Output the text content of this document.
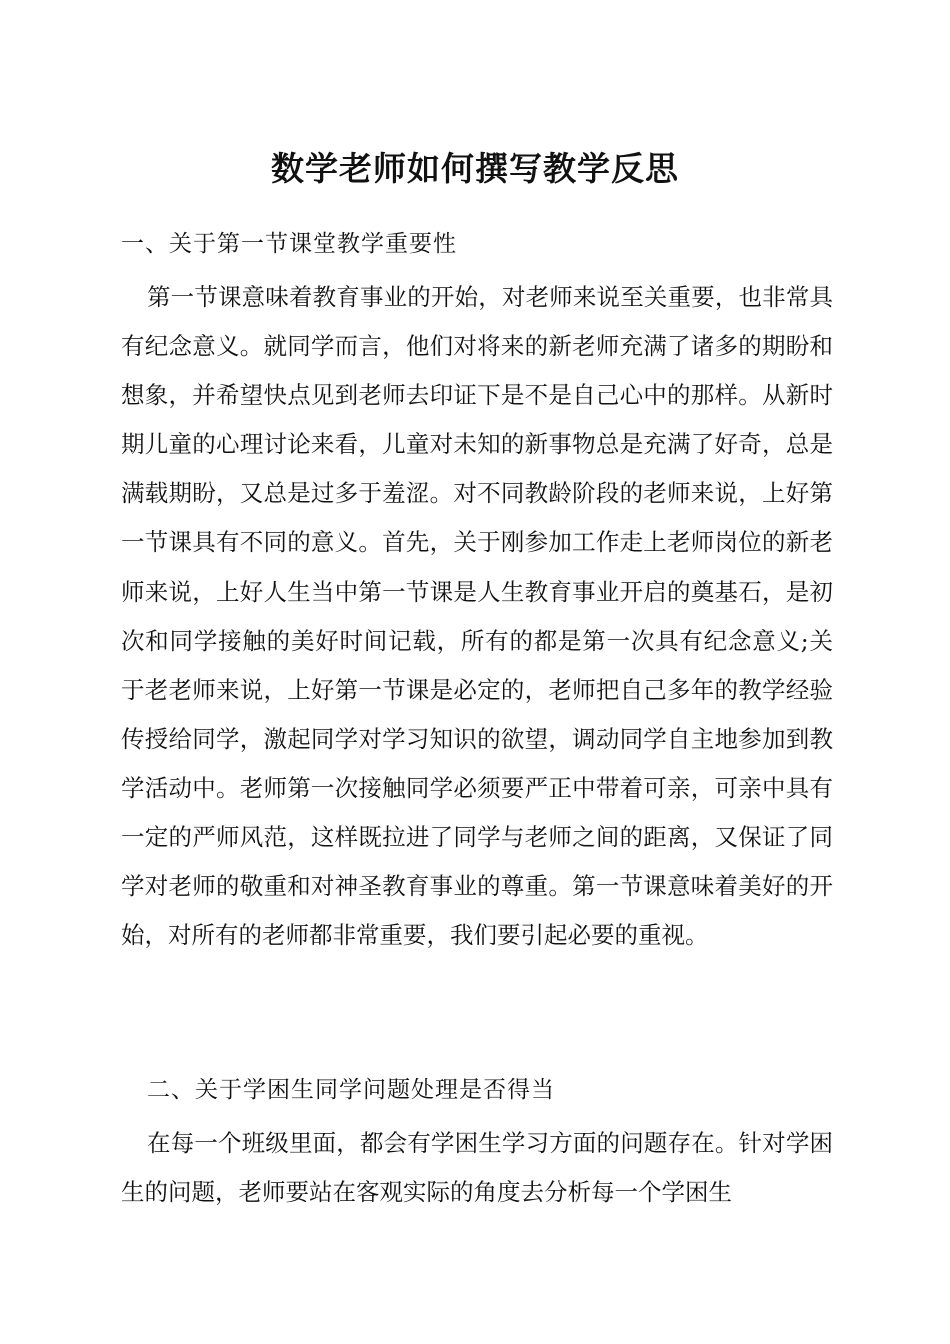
数学老师如何撰写教学反思
一、关于第一节课堂教学重要性

第一节课意味着教育事业的开始，对老师来说至关重要，也非常具有纪念意义。就同学而言，他们对将来的新老师充满了诸多的期盼和想象，并希望快点见到老师去印证下是不是自己心中的那样。从新时期儿童的心理讨论来看，儿童对未知的新事物总是充满了好奇，总是满载期盼，又总是过多于羞涩。对不同教龄阶段的老师来说，上好第一节课具有不同的意义。首先，关于刚参加工作走上老师岗位的新老师来说，上好人生当中第一节课是人生教育事业开启的奠基石，是初次和同学接触的美好时间记载，所有的都是第一次具有纪念意义;关于老老师来说，上好第一节课是必定的，老师把自己多年的教学经验传授给同学，激起同学对学习知识的欲望，调动同学自主地参加到教学活动中。老师第一次接触同学必须要严正中带着可亲，可亲中具有一定的严师风范，这样既拉进了同学与老师之间的距离，又保证了同学对老师的敬重和对神圣教育事业的尊重。第一节课意味着美好的开始，对所有的老师都非常重要，我们要引起必要的重视。

二、关于学困生同学问题处理是否得当

在每一个班级里面，都会有学困生学习方面的问题存在。针对学困生的问题，老师要站在客观实际的角度去分析每一个学困生
